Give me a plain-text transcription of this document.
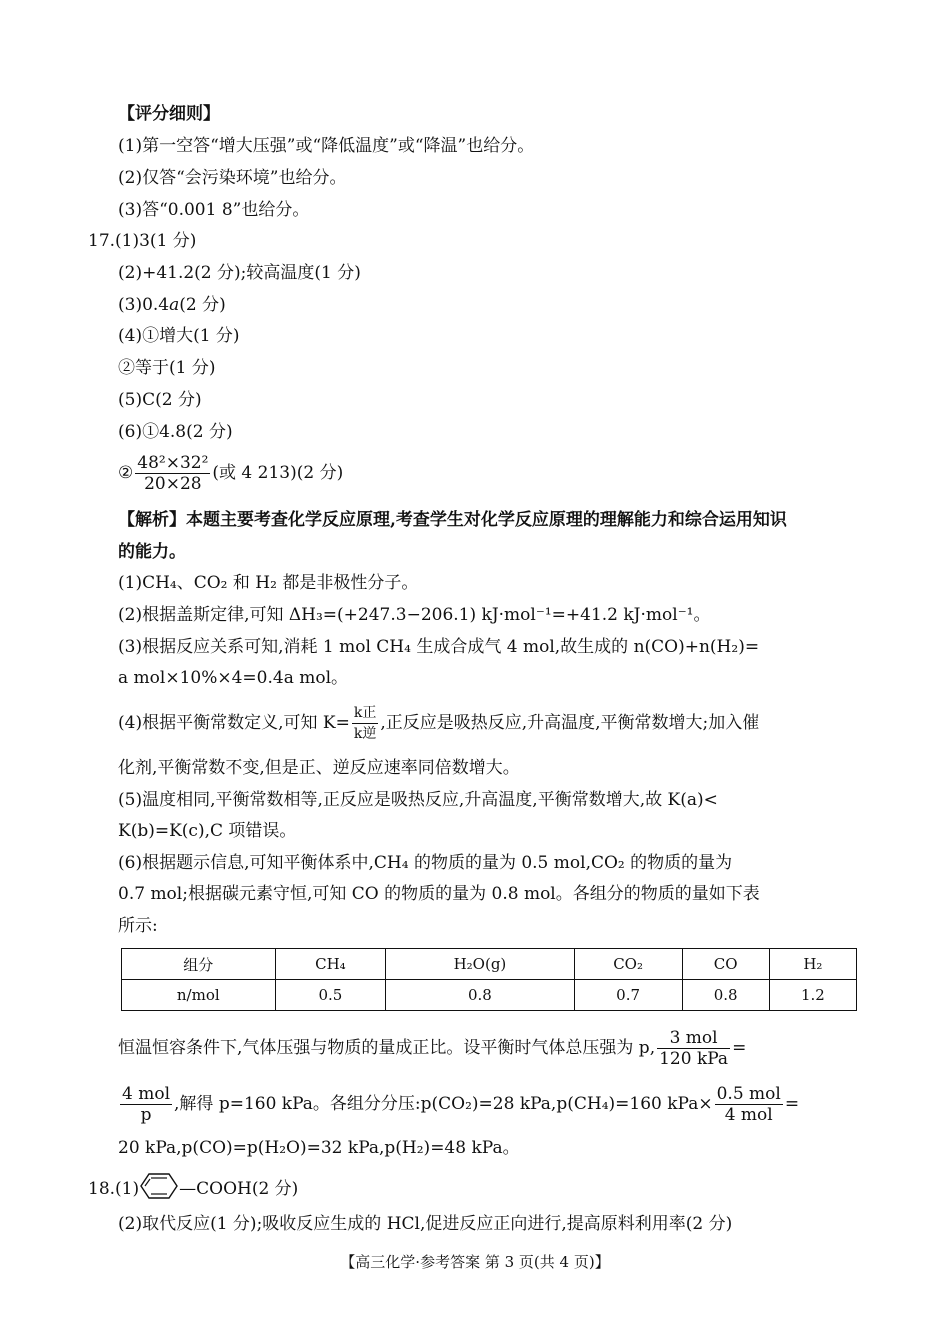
【评分细则】
(1)第一空答“增大压强”或“降低温度”或“降温”也给分。
(2)仅答“会污染环境”也给分。
(3)答“0.001 8”也给分。
17.(1)3(1 分)
(2)+41.2(2 分);较高温度(1 分)
(3)0.4a(2 分)
(4)①增大(1 分)
②等于(1 分)
(5)C(2 分)
(6)①4.8(2 分)
② $\frac{\text{48²×32²}}{20\times 28}$ (或 4 213)(2 分)
【解析】本题主要考查化学反应原理,考查学生对化学反应原理的理解能力和综合运用知识
的能力。
(1)CH₄、CO₂ 和 H₂ 都是非极性分子。
(2)根据盖斯定律,可知 ΔH₃=(+247.3−206.1) kJ·mol⁻¹=+41.2 kJ·mol⁻¹。
(3)根据反应关系可知,消耗 1 mol CH₄ 生成合成气 4 mol,故生成的 n(CO)+n(H₂)=
a mol×10%×4=0.4a mol。
(4)根据平衡常数定义,可知 $K= \frac{\text{k正}}{\text{k逆}}$ ,正反应是吸热反应,升高温度,平衡常数增大;加入催
化剂,平衡常数不变,但是正、逆反应速率同倍数增大。
(5)温度相同,平衡常数相等,正反应是吸热反应,升高温度,平衡常数增大,故 K(a)<
K(b)=K(c),C 项错误。
(6)根据题示信息,可知平衡体系中,CH₄ 的物质的量为 0.5 mol,CO₂ 的物质的量为
0.7 mol;根据碳元素守恒,可知 CO 的物质的量为 0.8 mol。各组分的物质的量如下表
所示:
组分	CH₄	H₂O(g)	CO₂	CO	H₂
n/mol	0.5	0.8	0.7	0.8	1.2
恒温恒容条件下,气体压强与物质的量成正比。设平衡时气体总压强为 p, $\frac{\text{3 mol}}{\text{120 kPa}}$ =
$\frac{\text{4 mol}}{p}$ ,解得 p=160 kPa。各组分分压:p(CO₂)=28 kPa,p(CH₄)=160 $kPa\times \frac{\text{0.5 mol}}{\text{4 mol}}$ =
20 kPa,p(CO)=p(H₂O)=32 kPa,p(H₂)=48 kPa。
18.(1) —COOH(2 分)
(2)取代反应(1 分);吸收反应生成的 HCl,促进反应正向进行,提高原料利用率(2 分)
【高三化学·参考答案 第 3 页(共 4 页)】
